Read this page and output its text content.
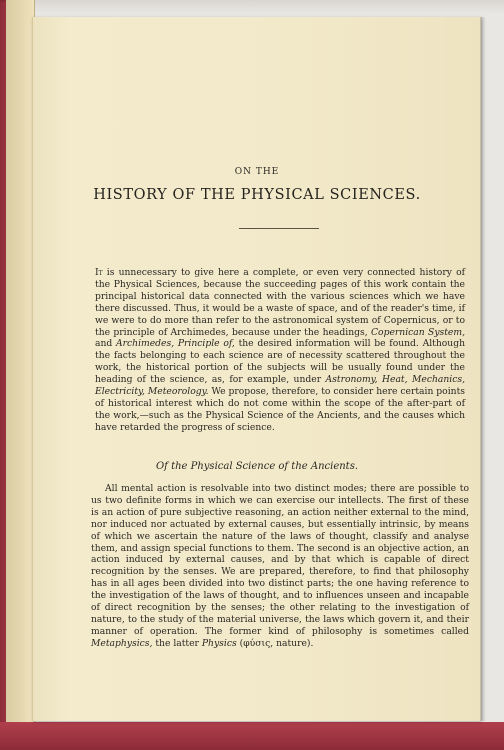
ON THE
HISTORY OF THE PHYSICAL SCIENCES.

It is unnecessary to give here a complete, or even very connected history of the Physical Sciences, because the succeeding pages of this work contain the principal historical data connected with the various sciences which we have there discussed. Thus, it would be a waste of space, and of the reader's time, if we were to do more than refer to the astronomical system of Copernicus, or to the principle of Archimedes, because under the headings, Copernican System, and Archimedes, Principle of, the desired information will be found. Although the facts belonging to each science are of necessity scattered throughout the work, the historical portion of the subjects will be usually found under the heading of the science, as, for example, under Astronomy, Heat, Mechanics, Electricity, Meteorology. We propose, therefore, to consider here certain points of historical interest which do not come within the scope of the after-part of the work,—such as the Physical Science of the Ancients, and the causes which have retarded the progress of science.

Of the Physical Science of the Ancients.

All mental action is resolvable into two distinct modes; there are possible to us two definite forms in which we can exercise our intellects. The first of these is an action of pure subjective reasoning, an action neither external to the mind, nor induced nor actuated by external causes, but essentially intrinsic, by means of which we ascertain the nature of the laws of thought, classify and analyse them, and assign special functions to them. The second is an objective action, an action induced by external causes, and by that which is capable of direct recognition by the senses. We are prepared, therefore, to find that philosophy has in all ages been divided into two distinct parts; the one having reference to the investigation of the laws of thought, and to influences unseen and incapable of direct recognition by the senses; the other relating to the investigation of nature, to the study of the material universe, the laws which govern it, and their manner of operation. The former kind of philosophy is sometimes called Metaphysics, the latter Physics (φύσις, nature).
